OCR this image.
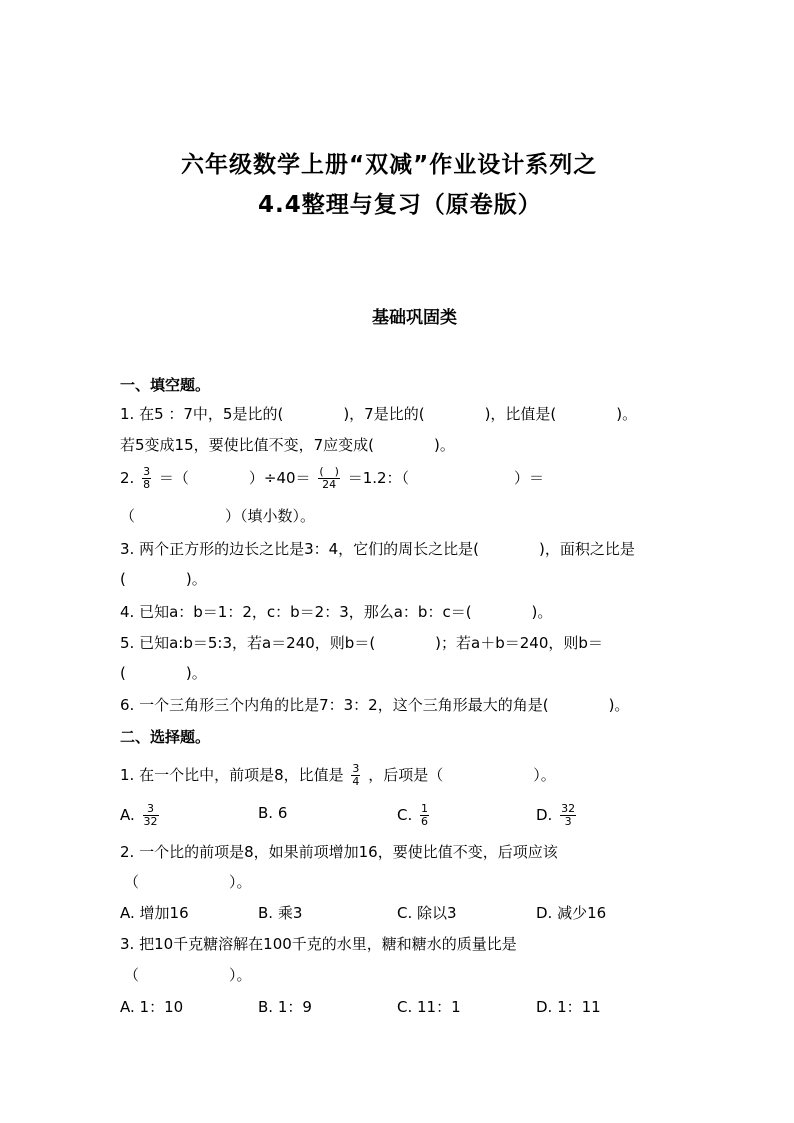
六年级数学上册“双减”作业设计系列之
4.4整理与复习（原卷版）
基础巩固类
一、填空题。
1. 在5 ：7中，5是比的(　　　　)，7是比的(　　　　)，比值是(　　　　)。
若5变成15，要使比值不变，7应变成(　　　　)。
2. $\frac{3}{8}$ ＝（　　　　）$\div 40= \frac{( )}{24} =1.2$：（　　　　　　　）＝
（　　　　　　）（填小数）。
3. 两个正方形的边长之比是3：4，它们的周长之比是(　　　　)，面积之比是
(　　　　)。
4. 已知a：b＝1：2，c：b＝2：3，那么a：b：c＝(　　　　)。
5. 已知a:b＝5:3，若a＝240，则b＝(　　　　)；若a＋b＝240，则b＝
(　　　　)。
6. 一个三角形三个内角的比是7：3：2，这个三角形最大的角是(　　　　)。
二、选择题。
1. 在一个比中，前项是8，比值是 $\frac{3}{4}$ ，后项是（　　　　　　）。
A. $\frac{3}{32}$	B. 6	C. $\frac{1}{6}$	D. $\frac{32}{3}$
2. 一个比的前项是8，如果前项增加16，要使比值不变，后项应该
（　　　　　　）。
A. 增加16	B. 乘3	C. 除以3	D. 减少16
3. 把10千克糖溶解在100千克的水里，糖和糖水的质量比是
（　　　　　　）。
A. 1：10	B. 1：9	C. 11：1	D. 1：11
